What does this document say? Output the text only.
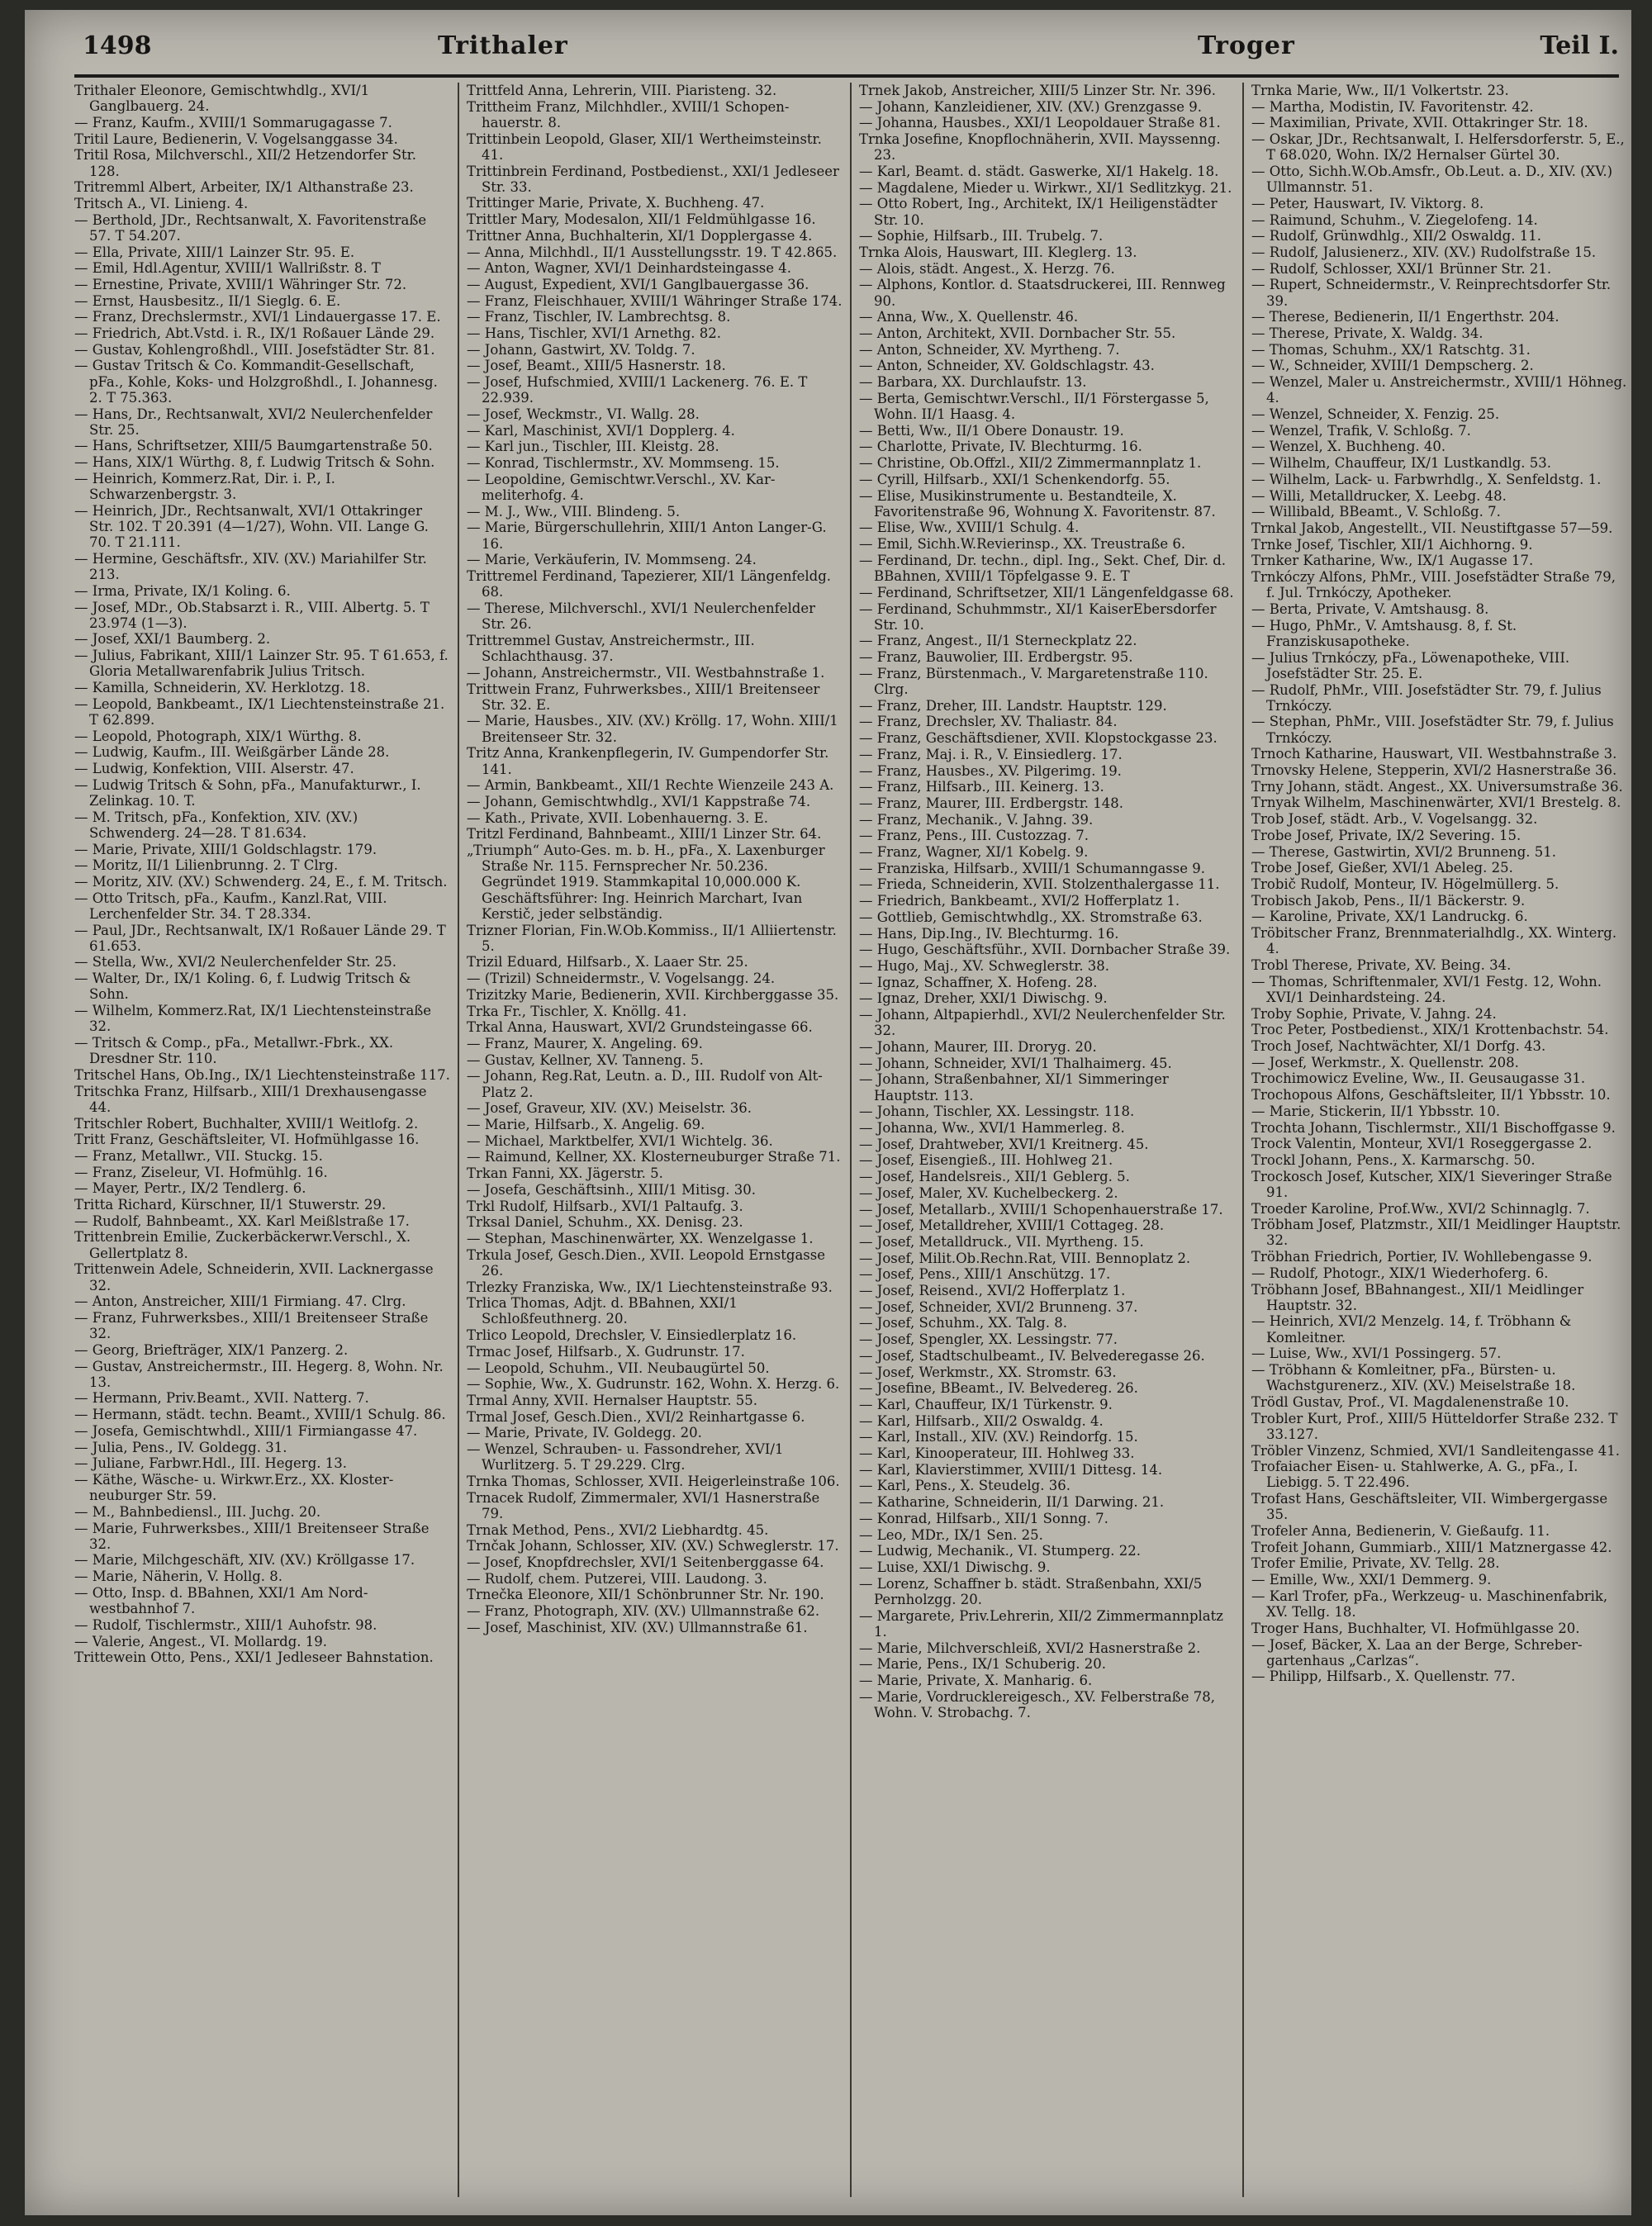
1498	Trithaler	Troger	Teil I.
Trithaler Eleonore, Gemischtwhdlg., XVI/1 Ganglbauerg. 24.
— Franz, Kaufm., XVIII/1 Sommarugagasse 7.
Tritil Laure, Bedienerin, V. Vogelsanggasse 34.
Tritil Rosa, Milchverschl., XII/2 Hetzendorfer Str. 128.
Tritremml Albert, Arbeiter, IX/1 Althanstraße 23.
Tritsch A., VI. Linieng. 4.
— Berthold, JDr., Rechtsanwalt, X. Favoritenstraße 57. T 54.207.
— Ella, Private, XIII/1 Lainzer Str. 95. E.
— Emil, Hdl.Agentur, XVIII/1 Wallrißstr. 8. T
— Ernestine, Private, XVIII/1 Währinger Str. 72.
— Ernst, Hausbesitz., II/1 Sieglg. 6. E.
— Franz, Drechslermstr., XVI/1 Lindauergasse 17. E.
— Friedrich, Abt.Vstd. i. R., IX/1 Roßauer Lände 29.
— Gustav, Kohlengroßhdl., VIII. Josefstädter Str. 81.
— Gustav Tritsch & Co. Kommandit-Gesellschaft, pFa., Kohle, Koks- und Holzgroßhdl., I. Johannesg. 2. T 75.363.
— Hans, Dr., Rechtsanwalt, XVI/2 Neulerchenfelder Str. 25.
— Hans, Schriftsetzer, XIII/5 Baumgartenstraße 50.
— Hans, XIX/1 Würthg. 8, f. Ludwig Tritsch & Sohn.
— Heinrich, Kommerz.Rat, Dir. i. P., I. Schwarzenbergstr. 3.
— Heinrich, JDr., Rechtsanwalt, XVI/1 Ottakringer Str. 102. T 20.391 (4—1/27), Wohn. VII. Lange G. 70. T 21.111.
— Hermine, Geschäftsfr., XIV. (XV.) Mariahilfer Str. 213.
— Irma, Private, IX/1 Koling. 6.
— Josef, MDr., Ob.Stabsarzt i. R., VIII. Albertg. 5. T 23.974 (1—3).
— Josef, XXI/1 Baumberg. 2.
— Julius, Fabrikant, XIII/1 Lainzer Str. 95. T 61.653, f. Gloria Metallwarenfabrik Julius Tritsch.
— Kamilla, Schneiderin, XV. Herklotzg. 18.
— Leopold, Bankbeamt., IX/1 Liechtensteinstraße 21. T 62.899.
— Leopold, Photograph, XIX/1 Würthg. 8.
— Ludwig, Kaufm., III. Weißgärber Lände 28.
— Ludwig, Konfektion, VIII. Alserstr. 47.
— Ludwig Tritsch & Sohn, pFa., Manufakturwr., I. Zelinkag. 10. T.
— M. Tritsch, pFa., Konfektion, XIV. (XV.) Schwenderg. 24—28. T 81.634.
— Marie, Private, XIII/1 Goldschlagstr. 179.
— Moritz, II/1 Lilienbrunng. 2. T Clrg.
— Moritz, XIV. (XV.) Schwenderg. 24, E., f. M. Tritsch.
— Otto Tritsch, pFa., Kaufm., Kanzl.Rat, VIII. Lerchenfelder Str. 34. T 28.334.
— Paul, JDr., Rechtsanwalt, IX/1 Roßauer Lände 29. T 61.653.
— Stella, Ww., XVI/2 Neulerchenfelder Str. 25.
— Walter, Dr., IX/1 Koling. 6, f. Ludwig Tritsch & Sohn.
— Wilhelm, Kommerz.Rat, IX/1 Liechtensteinstraße 32.
— Tritsch & Comp., pFa., Metallwr.-Fbrk., XX. Dresdner Str. 110.
Tritschel Hans, Ob.Ing., IX/1 Liechtensteinstraße 117.
Tritschka Franz, Hilfsarb., XIII/1 Drexhausengasse 44.
Tritschler Robert, Buchhalter, XVIII/1 Weitlofg. 2.
Tritt Franz, Geschäftsleiter, VI. Hofmühlgasse 16.
— Franz, Metallwr., VII. Stuckg. 15.
— Franz, Ziseleur, VI. Hofmühlg. 16.
— Mayer, Pertr., IX/2 Tendlerg. 6.
Tritta Richard, Kürschner, II/1 Stuwerstr. 29.
— Rudolf, Bahnbeamt., XX. Karl Meißlstraße 17.
Trittenbrein Emilie, Zuckerbäckerwr.Verschl., X. Gellertplatz 8.
Trittenwein Adele, Schneiderin, XVII. Lacknergasse 32.
— Anton, Anstreicher, XIII/1 Firmiang. 47. Clrg.
— Franz, Fuhrwerksbes., XIII/1 Breitenseer Straße 32.
— Georg, Briefträger, XIX/1 Panzerg. 2.
— Gustav, Anstreichermstr., III. Hegerg. 8, Wohn. Nr. 13.
— Hermann, Priv.Beamt., XVII. Natterg. 7.
— Hermann, städt. techn. Beamt., XVIII/1 Schulg. 86.
— Josefa, Gemischtwhdl., XIII/1 Firmiangasse 47.
— Julia, Pens., IV. Goldegg. 31.
— Juliane, Farbwr.Hdl., III. Hegerg. 13.
— Käthe, Wäsche- u. Wirkwr.Erz., XX. Klosterneuburger Str. 59.
— M., Bahnbediensl., III. Juchg. 20.
— Marie, Fuhrwerksbes., XIII/1 Breitenseer Straße 32.
— Marie, Milchgeschäft, XIV. (XV.) Kröllgasse 17.
— Marie, Näherin, V. Hollg. 8.
— Otto, Insp. d. BBahnen, XXI/1 Am Nordwestbahnhof 7.
— Rudolf, Tischlermstr., XIII/1 Auhofstr. 98.
— Valerie, Angest., VI. Mollardg. 19.
Trittewein Otto, Pens., XXI/1 Jedleseer Bahnstation.
Trittfeld Anna, Lehrerin, VIII. Piaristeng. 32.
Trittheim Franz, Milchhdler., XVIII/1 Schopenhauerstr. 8.
Trittinbein Leopold, Glaser, XII/1 Wertheimsteinstr. 41.
Trittinbrein Ferdinand, Postbedienst., XXI/1 Jedleseer Str. 33.
Trittinger Marie, Private, X. Buchheng. 47.
Trittler Mary, Modesalon, XII/1 Feldmühlgasse 16.
Trittner Anna, Buchhalterin, XI/1 Dopplergasse 4.
— Anna, Milchhdl., II/1 Ausstellungsstr. 19. T 42.865.
— Anton, Wagner, XVI/1 Deinhardsteingasse 4.
— August, Expedient, XVI/1 Ganglbauergasse 36.
— Franz, Fleischhauer, XVIII/1 Währinger Straße 174.
— Franz, Tischler, IV. Lambrechtsg. 8.
— Hans, Tischler, XVI/1 Arnethg. 82.
— Johann, Gastwirt, XV. Toldg. 7.
— Josef, Beamt., XIII/5 Hasnerstr. 18.
— Josef, Hufschmied, XVIII/1 Lackenerg. 76. E. T 22.939.
— Josef, Weckmstr., VI. Wallg. 28.
— Karl, Maschinist, XVI/1 Dopplerg. 4.
— Karl jun., Tischler, III. Kleistg. 28.
— Konrad, Tischlermstr., XV. Mommseng. 15.
— Leopoldine, Gemischtwr.Verschl., XV. Karmeliterhofg. 4.
— M. J., Ww., VIII. Blindeng. 5.
— Marie, Bürgerschullehrin, XIII/1 Anton Langer-G. 16.
— Marie, Verkäuferin, IV. Mommseng. 24.
Trittremel Ferdinand, Tapezierer, XII/1 Längenfeldg. 68.
— Therese, Milchverschl., XVI/1 Neulerchenfelder Str. 26.
Trittremmel Gustav, Anstreichermstr., III. Schlachthausg. 37.
— Johann, Anstreichermstr., VII. Westbahnstraße 1.
Trittwein Franz, Fuhrwerksbes., XIII/1 Breitenseer Str. 32. E.
— Marie, Hausbes., XIV. (XV.) Kröllg. 17, Wohn. XIII/1 Breitenseer Str. 32.
Tritz Anna, Krankenpflegerin, IV. Gumpendorfer Str. 141.
— Armin, Bankbeamt., XII/1 Rechte Wienzeile 243 A.
— Johann, Gemischtwhdlg., XVI/1 Kappstraße 74.
— Kath., Private, XVII. Lobenhauerng. 3. E.
Tritzl Ferdinand, Bahnbeamt., XIII/1 Linzer Str. 64.
„Triumph“ Auto-Ges. m. b. H., pFa., X. Laxenburger Straße Nr. 115. Fernsprecher Nr. 50.236. Gegründet 1919. Stammkapital 10,000.000 K. Geschäftsführer: Ing. Heinrich Marchart, Ivan Kerstič, jeder selbständig.
Trizner Florian, Fin.W.Ob.Kommiss., II/1 Alliiertenstr. 5.
Trizil Eduard, Hilfsarb., X. Laaer Str. 25.
— (Trizil) Schneidermstr., V. Vogelsangg. 24.
Trizitzky Marie, Bedienerin, XVII. Kirchberggasse 35.
Trka Fr., Tischler, X. Knöllg. 41.
Trkal Anna, Hauswart, XVI/2 Grundsteingasse 66.
— Franz, Maurer, X. Angeling. 69.
— Gustav, Kellner, XV. Tanneng. 5.
— Johann, Reg.Rat, Leutn. a. D., III. Rudolf von Alt-Platz 2.
— Josef, Graveur, XIV. (XV.) Meiselstr. 36.
— Marie, Hilfsarb., X. Angelig. 69.
— Michael, Marktbelfer, XVI/1 Wichtelg. 36.
— Raimund, Kellner, XX. Klosterneuburger Straße 71.
Trkan Fanni, XX. Jägerstr. 5.
— Josefa, Geschäftsinh., XIII/1 Mitisg. 30.
Trkl Rudolf, Hilfsarb., XVI/1 Paltaufg. 3.
Trksal Daniel, Schuhm., XX. Denisg. 23.
— Stephan, Maschinenwärter, XX. Wenzelgasse 1.
Trkula Josef, Gesch.Dien., XVII. Leopold Ernstgasse 26.
Trlezky Franziska, Ww., IX/1 Liechtensteinstraße 93.
Trlica Thomas, Adjt. d. BBahnen, XXI/1 Schloßfeuthnerg. 20.
Trlico Leopold, Drechsler, V. Einsiedlerplatz 16.
Trmac Josef, Hilfsarb., X. Gudrunstr. 17.
— Leopold, Schuhm., VII. Neubaugürtel 50.
— Sophie, Ww., X. Gudrunstr. 162, Wohn. X. Herzg. 6.
Trmal Anny, XVII. Hernalser Hauptstr. 55.
Trmal Josef, Gesch.Dien., XVI/2 Reinhartgasse 6.
— Marie, Private, IV. Goldegg. 20.
— Wenzel, Schrauben- u. Fassondreher, XVI/1 Wurlitzerg. 5. T 29.229. Clrg.
Trnka Thomas, Schlosser, XVII. Heigerleinstraße 106.
Trnacek Rudolf, Zimmermaler, XVI/1 Hasnerstraße 79.
Trnak Method, Pens., XVI/2 Liebhardtg. 45.
Trnčak Johann, Schlosser, XIV. (XV.) Schweglerstr. 17.
— Josef, Knopfdrechsler, XVI/1 Seitenberggasse 64.
— Rudolf, chem. Putzerei, VIII. Laudong. 3.
Trnečka Eleonore, XII/1 Schönbrunner Str. Nr. 190.
— Franz, Photograph, XIV. (XV.) Ullmannstraße 62.
— Josef, Maschinist, XIV. (XV.) Ullmannstraße 61.
Trnek Jakob, Anstreicher, XIII/5 Linzer Str. Nr. 396.
— Johann, Kanzleidiener, XIV. (XV.) Grenzgasse 9.
— Johanna, Hausbes., XXI/1 Leopoldauer Straße 81.
Trnka Josefine, Knopflochnäherin, XVII. Mayssenng. 23.
— Karl, Beamt. d. städt. Gaswerke, XI/1 Hakelg. 18.
— Magdalene, Mieder u. Wirkwr., XI/1 Sedlitzkyg. 21.
— Otto Robert, Ing., Architekt, IX/1 Heiligenstädter Str. 10.
— Sophie, Hilfsarb., III. Trubelg. 7.
Trnka Alois, Hauswart, III. Kleglerg. 13.
— Alois, städt. Angest., X. Herzg. 76.
— Alphons, Kontlor. d. Staatsdruckerei, III. Rennweg 90.
— Anna, Ww., X. Quellenstr. 46.
— Anton, Architekt, XVII. Dornbacher Str. 55.
— Anton, Schneider, XV. Myrtheng. 7.
— Anton, Schneider, XV. Goldschlagstr. 43.
— Barbara, XX. Durchlaufstr. 13.
— Berta, Gemischtwr.Verschl., II/1 Förstergasse 5, Wohn. II/1 Haasg. 4.
— Betti, Ww., II/1 Obere Donaustr. 19.
— Charlotte, Private, IV. Blechturmg. 16.
— Christine, Ob.Offzl., XII/2 Zimmermannplatz 1.
— Cyrill, Hilfsarb., XXI/1 Schenkendorfg. 55.
— Elise, Musikinstrumente u. Bestandteile, X. Favoritenstraße 96, Wohnung X. Favoritenstr. 87.
— Elise, Ww., XVIII/1 Schulg. 4.
— Emil, Sichh.W.Revierinsp., XX. Treustraße 6.
— Ferdinand, Dr. techn., dipl. Ing., Sekt. Chef, Dir. d. BBahnen, XVIII/1 Töpfelgasse 9. E. T
— Ferdinand, Schriftsetzer, XII/1 Längenfeldgasse 68.
— Ferdinand, Schuhmmstr., XI/1 KaiserEbersdorfer Str. 10.
— Franz, Angest., II/1 Sterneckplatz 22.
— Franz, Bauwolier, III. Erdbergstr. 95.
— Franz, Bürstenmach., V. Margaretenstraße 110. Clrg.
— Franz, Dreher, III. Landstr. Hauptstr. 129.
— Franz, Drechsler, XV. Thaliastr. 84.
— Franz, Geschäftsdiener, XVII. Klopstockgasse 23.
— Franz, Maj. i. R., V. Einsiedlerg. 17.
— Franz, Hausbes., XV. Pilgerimg. 19.
— Franz, Hilfsarb., III. Keinerg. 13.
— Franz, Maurer, III. Erdbergstr. 148.
— Franz, Mechanik., V. Jahng. 39.
— Franz, Pens., III. Custozzag. 7.
— Franz, Wagner, XI/1 Kobelg. 9.
— Franziska, Hilfsarb., XVIII/1 Schumanngasse 9.
— Frieda, Schneiderin, XVII. Stolzenthalergasse 11.
— Friedrich, Bankbeamt., XVI/2 Hofferplatz 1.
— Gottlieb, Gemischtwhdlg., XX. Stromstraße 63.
— Hans, Dip.Ing., IV. Blechturmg. 16.
— Hugo, Geschäftsführ., XVII. Dornbacher Straße 39.
— Hugo, Maj., XV. Schweglerstr. 38.
— Ignaz, Schaffner, X. Hofeng. 28.
— Ignaz, Dreher, XXI/1 Diwischg. 9.
— Johann, Altpapierhdl., XVI/2 Neulerchenfelder Str. 32.
— Johann, Maurer, III. Droryg. 20.
— Johann, Schneider, XVI/1 Thalhaimerg. 45.
— Johann, Straßenbahner, XI/1 Simmeringer Hauptstr. 113.
— Johann, Tischler, XX. Lessingstr. 118.
— Johanna, Ww., XVI/1 Hammerleg. 8.
— Josef, Drahtweber, XVI/1 Kreitnerg. 45.
— Josef, Eisengieß., III. Hohlweg 21.
— Josef, Handelsreis., XII/1 Geblerg. 5.
— Josef, Maler, XV. Kuchelbeckerg. 2.
— Josef, Metallarb., XVIII/1 Schopenhauerstraße 17.
— Josef, Metalldreher, XVIII/1 Cottageg. 28.
— Josef, Metalldruck., VII. Myrtheng. 15.
— Josef, Milit.Ob.Rechn.Rat, VIII. Bennoplatz 2.
— Josef, Pens., XIII/1 Anschützg. 17.
— Josef, Reisend., XVI/2 Hofferplatz 1.
— Josef, Schneider, XVI/2 Brunneng. 37.
— Josef, Schuhm., XX. Talg. 8.
— Josef, Spengler, XX. Lessingstr. 77.
— Josef, Stadtschulbeamt., IV. Belvederegasse 26.
— Josef, Werkmstr., XX. Stromstr. 63.
— Josefine, BBeamt., IV. Belvedereg. 26.
— Karl, Chauffeur, IX/1 Türkenstr. 9.
— Karl, Hilfsarb., XII/2 Oswaldg. 4.
— Karl, Install., XIV. (XV.) Reindorfg. 15.
— Karl, Kinooperateur, III. Hohlweg 33.
— Karl, Klavierstimmer, XVIII/1 Dittesg. 14.
— Karl, Pens., X. Steudelg. 36.
— Katharine, Schneiderin, II/1 Darwing. 21.
— Konrad, Hilfsarb., XII/1 Sonng. 7.
— Leo, MDr., IX/1 Sen. 25.
— Ludwig, Mechanik., VI. Stumperg. 22.
— Luise, XXI/1 Diwischg. 9.
— Lorenz, Schaffner b. städt. Straßenbahn, XXI/5 Pernholzgg. 20.
— Margarete, Priv.Lehrerin, XII/2 Zimmermannplatz 1.
— Marie, Milchverschleiß, XVI/2 Hasnerstraße 2.
— Marie, Pens., IX/1 Schuberig. 20.
— Marie, Private, X. Manharig. 6.
— Marie, Vordrucklereigesch., XV. Felberstraße 78, Wohn. V. Strobachg. 7.
Trnka Marie, Ww., II/1 Volkertstr. 23.
— Martha, Modistin, IV. Favoritenstr. 42.
— Maximilian, Private, XVII. Ottakringer Str. 18.
— Oskar, JDr., Rechtsanwalt, I. Helfersdorferstr. 5, E., T 68.020, Wohn. IX/2 Hernalser Gürtel 30.
— Otto, Sichh.W.Ob.Amsfr., Ob.Leut. a. D., XIV. (XV.) Ullmannstr. 51.
— Peter, Hauswart, IV. Viktorg. 8.
— Raimund, Schuhm., V. Ziegelofeng. 14.
— Rudolf, Grünwdhlg., XII/2 Oswaldg. 11.
— Rudolf, Jalusienerz., XIV. (XV.) Rudolfstraße 15.
— Rudolf, Schlosser, XXI/1 Brünner Str. 21.
— Rupert, Schneidermstr., V. Reinprechtsdorfer Str. 39.
— Therese, Bedienerin, II/1 Engerthstr. 204.
— Therese, Private, X. Waldg. 34.
— Thomas, Schuhm., XX/1 Ratschtg. 31.
— W., Schneider, XVIII/1 Dempscherg. 2.
— Wenzel, Maler u. Anstreichermstr., XVIII/1 Höhneg. 4.
— Wenzel, Schneider, X. Fenzig. 25.
— Wenzel, Trafik, V. Schloßg. 7.
— Wenzel, X. Buchheng. 40.
— Wilhelm, Chauffeur, IX/1 Lustkandlg. 53.
— Wilhelm, Lack- u. Farbwrhdlg., X. Senfeldstg. 1.
— Willi, Metalldrucker, X. Leebg. 48.
— Willibald, BBeamt., V. Schloßg. 7.
Trnkal Jakob, Angestellt., VII. Neustiftgasse 57—59.
Trnke Josef, Tischler, XII/1 Aichhorng. 9.
Trnker Katharine, Ww., IX/1 Augasse 17.
Trnkóczy Alfons, PhMr., VIII. Josefstädter Straße 79, f. Jul. Trnkóczy, Apotheker.
— Berta, Private, V. Amtshausg. 8.
— Hugo, PhMr., V. Amtshausg. 8, f. St. Franziskusapotheke.
— Julius Trnkóczy, pFa., Löwenapotheke, VIII. Josefstädter Str. 25. E.
— Rudolf, PhMr., VIII. Josefstädter Str. 79, f. Julius Trnkóczy.
— Stephan, PhMr., VIII. Josefstädter Str. 79, f. Julius Trnkóczy.
Trnoch Katharine, Hauswart, VII. Westbahnstraße 3.
Trnovsky Helene, Stepperin, XVI/2 Hasnerstraße 36.
Trny Johann, städt. Angest., XX. Universumstraße 36.
Trnyak Wilhelm, Maschinenwärter, XVI/1 Brestelg. 8.
Trob Josef, städt. Arb., V. Vogelsangg. 32.
Trobe Josef, Private, IX/2 Severing. 15.
— Therese, Gastwirtin, XVI/2 Brunneng. 51.
Trobe Josef, Gießer, XVI/1 Abeleg. 25.
Trobič Rudolf, Monteur, IV. Högelmüllerg. 5.
Trobisch Jakob, Pens., II/1 Bäckerstr. 9.
— Karoline, Private, XX/1 Landruckg. 6.
Tröbitscher Franz, Brennmaterialhdlg., XX. Winterg. 4.
Trobl Therese, Private, XV. Being. 34.
— Thomas, Schriftenmaler, XVI/1 Festg. 12, Wohn. XVI/1 Deinhardsteing. 24.
Troby Sophie, Private, V. Jahng. 24.
Troc Peter, Postbedienst., XIX/1 Krottenbachstr. 54.
Troch Josef, Nachtwächter, XI/1 Dorfg. 43.
— Josef, Werkmstr., X. Quellenstr. 208.
Trochimowicz Eveline, Ww., II. Geusaugasse 31.
Trochopous Alfons, Geschäftsleiter, II/1 Ybbsstr. 10.
— Marie, Stickerin, II/1 Ybbsstr. 10.
Trochta Johann, Tischlermstr., XII/1 Bischoffgasse 9.
Trock Valentin, Monteur, XVI/1 Roseggergasse 2.
Trockl Johann, Pens., X. Karmarschg. 50.
Trockosch Josef, Kutscher, XIX/1 Sieveringer Straße 91.
Troeder Karoline, Prof.Ww., XVI/2 Schinnaglg. 7.
Tröbham Josef, Platzmstr., XII/1 Meidlinger Hauptstr. 32.
Tröbhan Friedrich, Portier, IV. Wohllebengasse 9.
— Rudolf, Photogr., XIX/1 Wiederhoferg. 6.
Tröbhann Josef, BBahnangest., XII/1 Meidlinger Hauptstr. 32.
— Heinrich, XVI/2 Menzelg. 14, f. Tröbhann & Komleitner.
— Luise, Ww., XVI/1 Possingerg. 57.
— Tröbhann & Komleitner, pFa., Bürsten- u. Wachstgurenerz., XIV. (XV.) Meiselstraße 18.
Trödl Gustav, Prof., VI. Magdalenenstraße 10.
Trobler Kurt, Prof., XIII/5 Hütteldorfer Straße 232. T 33.127.
Tröbler Vinzenz, Schmied, XVI/1 Sandleitengasse 41.
Trofaiacher Eisen- u. Stahlwerke, A. G., pFa., I. Liebigg. 5. T 22.496.
Trofast Hans, Geschäftsleiter, VII. Wimbergergasse 35.
Trofeler Anna, Bedienerin, V. Gießaufg. 11.
Trofeit Johann, Gummiarb., XIII/1 Matznergasse 42.
Trofer Emilie, Private, XV. Tellg. 28.
— Emille, Ww., XXI/1 Demmerg. 9.
— Karl Trofer, pFa., Werkzeug- u. Maschinenfabrik, XV. Tellg. 18.
Troger Hans, Buchhalter, VI. Hofmühlgasse 20.
— Josef, Bäcker, X. Laa an der Berge, Schrebergartenhaus „Carlzas“.
— Philipp, Hilfsarb., X. Quellenstr. 77.
